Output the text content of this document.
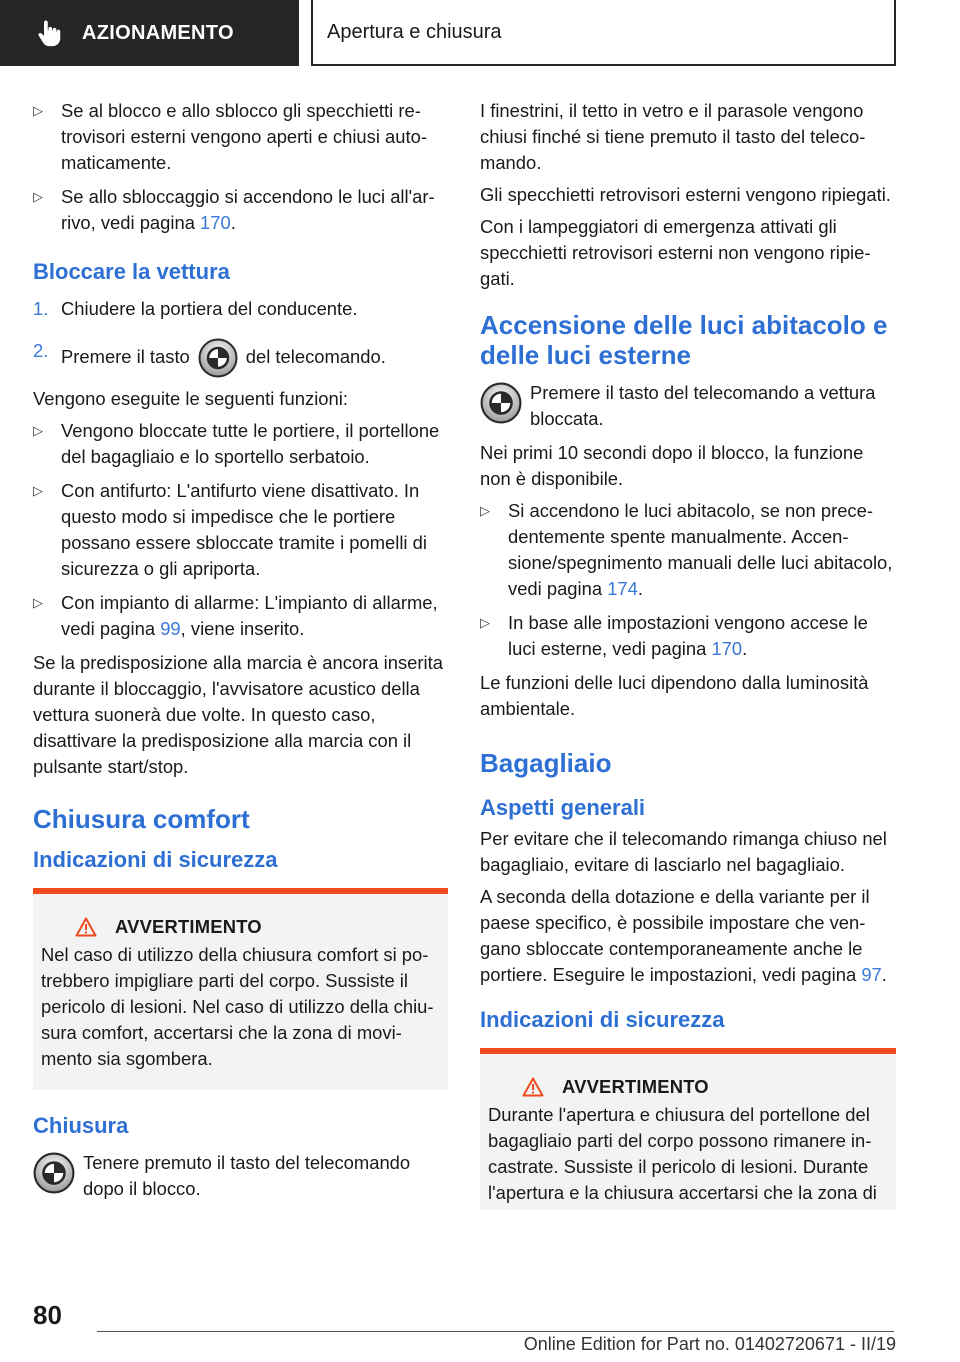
AZIONAMENTO	Apertura e chiusura
▷ Se al blocco e allo sblocco gli specchietti retrovisori esterni vengono aperti e chiusi automaticamente.
▷ Se allo sbloccaggio si accendono le luci all'arrivo, vedi pagina 170.
Bloccare la vettura
1. Chiudere la portiera del conducente.
2. Premere il tasto	del telecomando.

Vengono eseguite le seguenti funzioni:

▷ Vengono bloccate tutte le portiere, il portellone del bagagliaio e lo sportello serbatoio.
▷ Con antifurto: L'antifurto viene disattivato. In questo modo si impedisce che le portiere possano essere sbloccate tramite i pomelli di sicurezza o gli apriporta.
▷ Con impianto di allarme: L'impianto di allarme, vedi pagina 99, viene inserito.

Se la predisposizione alla marcia è ancora inserita durante il bloccaggio, l'avvisatore acustico della vettura suonerà due volte. In questo caso, disattivare la predisposizione alla marcia con il pulsante start/stop.

Chiusura comfort
Indicazioni di sicurezza
AVVERTIMENTO

Nel caso di utilizzo della chiusura comfort si potrebbero impigliare parti del corpo. Sussiste il pericolo di lesioni. Nel caso di utilizzo della chiusura comfort, accertarsi che la zona di movimento sia sgombera.

Chiusura

Tenere premuto il tasto del telecomando dopo il blocco.

I finestrini, il tetto in vetro e il parasole vengono chiusi finché si tiene premuto il tasto del telecomando.

Gli specchietti retrovisori esterni vengono ripiegati.

Con i lampeggiatori di emergenza attivati gli specchietti retrovisori esterni non vengono ripiegati.

Accensione delle luci abitacolo e delle luci esterne

Premere il tasto del telecomando a vettura bloccata.

Nei primi 10 secondi dopo il blocco, la funzione non è disponibile.

▷ Si accendono le luci abitacolo, se non precedentemente spente manualmente. Accensione/spegnimento manuali delle luci abitacolo, vedi pagina 174.
▷ In base alle impostazioni vengono accese le luci esterne, vedi pagina 170.

Le funzioni delle luci dipendono dalla luminosità ambientale.

Bagagliaio
Aspetti generali

Per evitare che il telecomando rimanga chiuso nel bagagliaio, evitare di lasciarlo nel bagagliaio.

A seconda della dotazione e della variante per il paese specifico, è possibile impostare che vengano sbloccate contemporaneamente anche le portiere. Eseguire le impostazioni, vedi pagina 97.

Indicazioni di sicurezza
AVVERTIMENTO

Durante l'apertura e chiusura del portellone del bagagliaio parti del corpo possono rimanere incastrate. Sussiste il pericolo di lesioni. Durante l'apertura e la chiusura accertarsi che la zona di

80
Online Edition for Part no. 01402720671 - II/19
